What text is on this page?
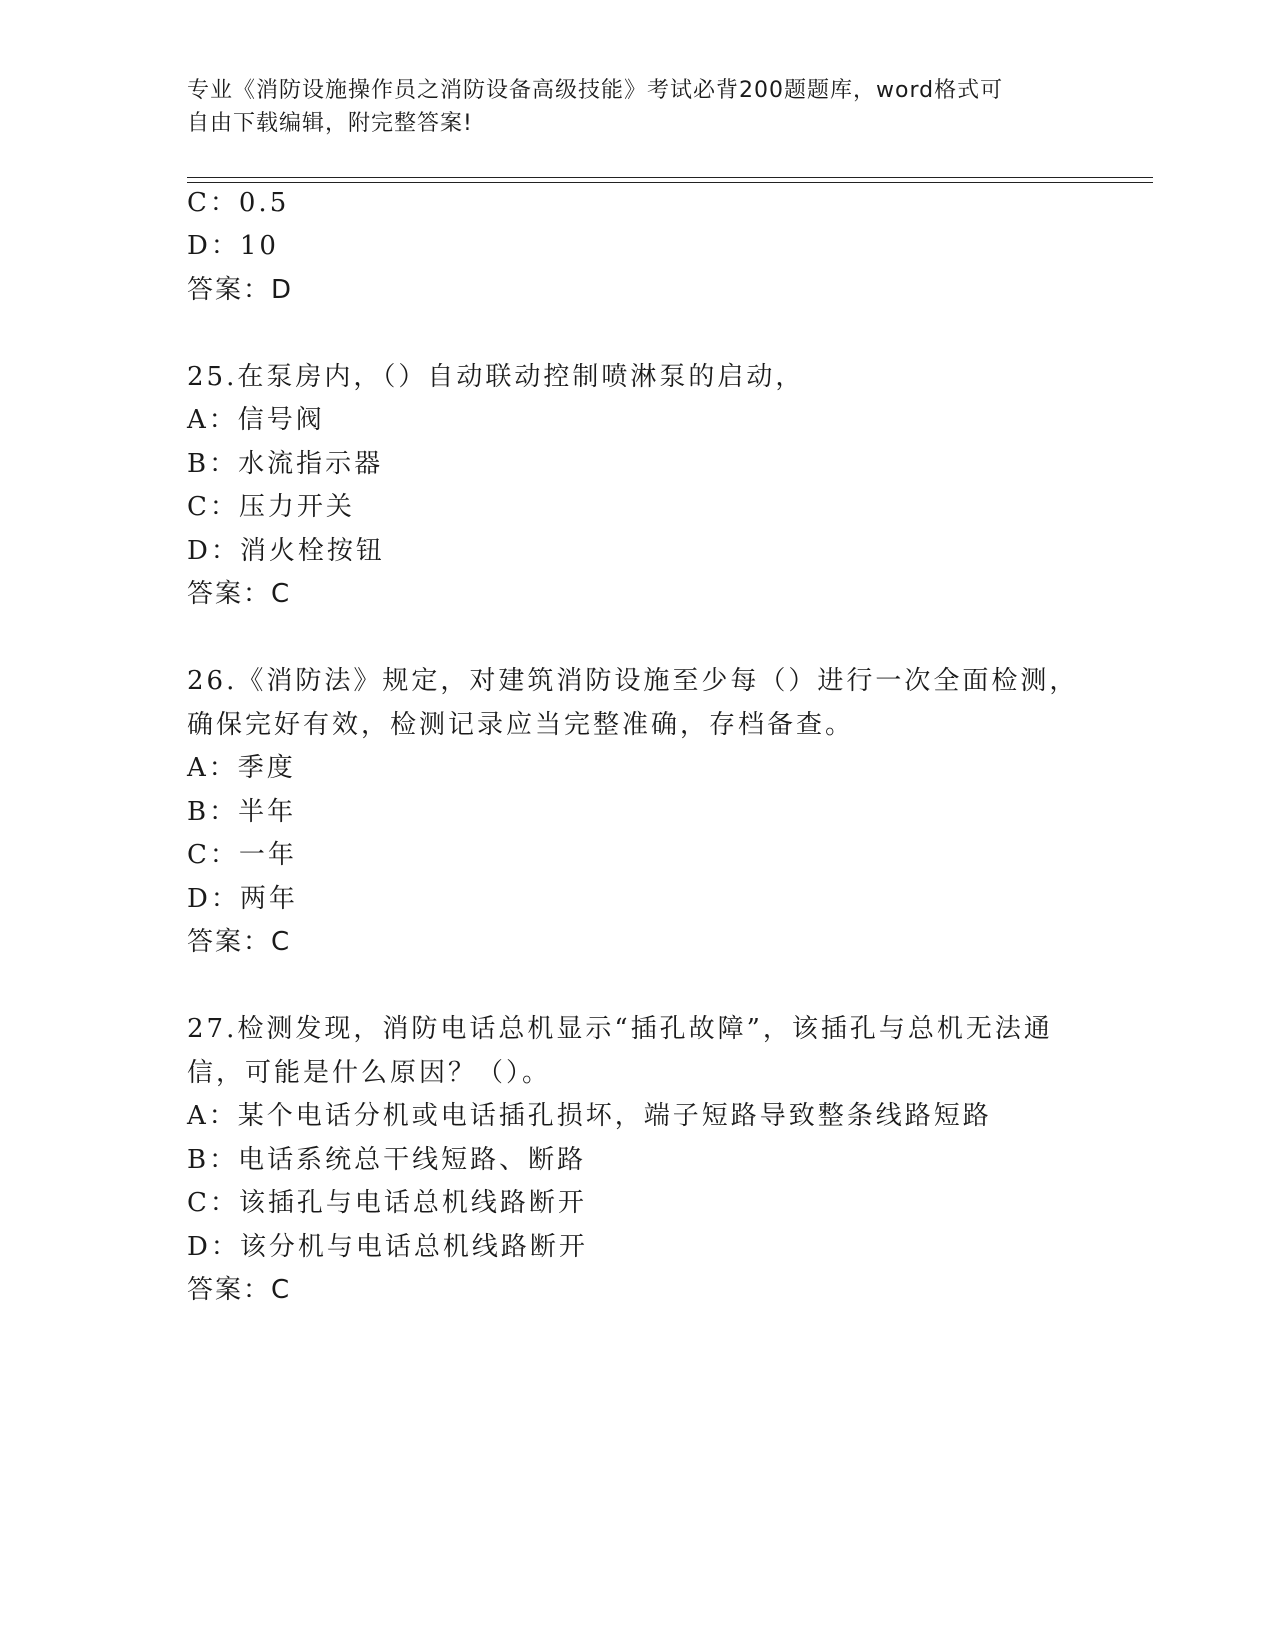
专业《消防设施操作员之消防设备高级技能》考试必背200题题库，word格式可
自由下载编辑，附完整答案!
C：0.5
D：10
答案：D
25.在泵房内，（）自动联动控制喷淋泵的启动，
A：信号阀
B：水流指示器
C：压力开关
D：消火栓按钮
答案：C
26.《消防法》规定，对建筑消防设施至少每（）进行一次全面检测，
确保完好有效，检测记录应当完整准确，存档备查。
A：季度
B：半年
C：一年
D：两年
答案：C
27.检测发现，消防电话总机显示“插孔故障”，该插孔与总机无法通
信，可能是什么原因？（）。
A：某个电话分机或电话插孔损坏，端子短路导致整条线路短路
B：电话系统总干线短路、断路
C：该插孔与电话总机线路断开
D：该分机与电话总机线路断开
答案：C
